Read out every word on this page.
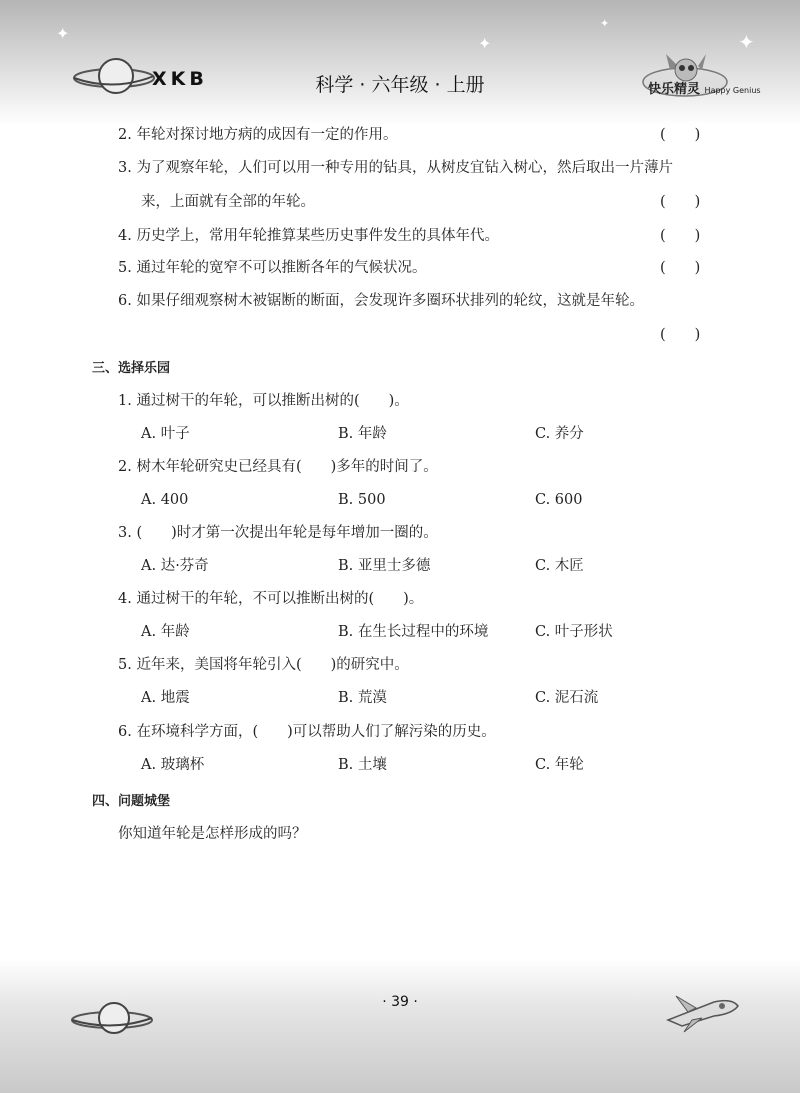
✦
✦	✦
✦
XKB	科学 · 六年级 · 上册	快乐精灵 Happy Genius
2. 年轮对探讨地方病的成因有一定的作用。	(　　)
3. 为了观察年轮，人们可以用一种专用的钻具，从树皮宜钻入树心，然后取出一片薄片
来，上面就有全部的年轮。	(　　)
4. 历史学上，常用年轮推算某些历史事件发生的具体年代。	(　　)
5. 通过年轮的宽窄不可以推断各年的气候状况。	(　　)
6. 如果仔细观察树木被锯断的断面，会发现许多圈环状排列的轮纹，这就是年轮。
(　　)
三、选择乐园
1. 通过树干的年轮，可以推断出树的(　　)。
A. 叶子	B. 年龄	C. 养分
2. 树木年轮研究史已经具有(　　)多年的时间了。
A. 400	B. 500	C. 600
3. (　　)时才第一次提出年轮是每年增加一圈的。
A. 达·芬奇	B. 亚里士多德	C. 木匠
4. 通过树干的年轮，不可以推断出树的(　　)。
A. 年龄	B. 在生长过程中的环境	C. 叶子形状
5. 近年来，美国将年轮引入(　　)的研究中。
A. 地震	B. 荒漠	C. 泥石流
6. 在环境科学方面，(　　)可以帮助人们了解污染的历史。
A. 玻璃杯	B. 土壤	C. 年轮
四、问题城堡
你知道年轮是怎样形成的吗？
· 39 ·
